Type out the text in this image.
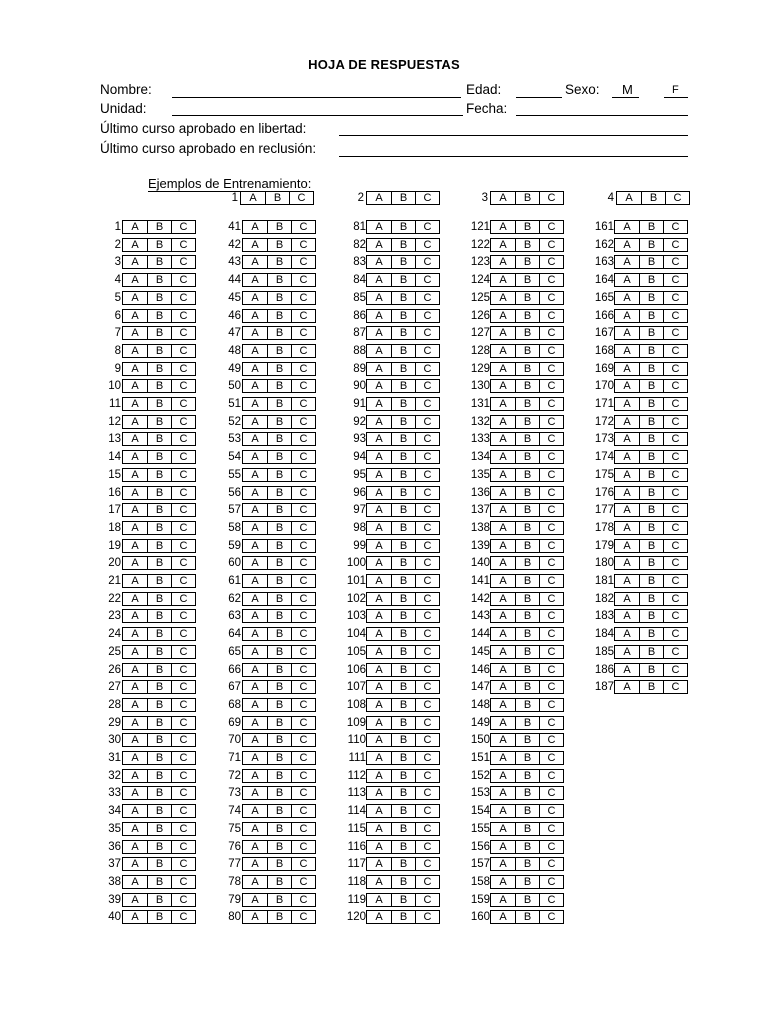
HOJA DE RESPUESTAS
Nombre:	Edad:	Sexo: M	F
Unidad:	Fecha:
Último curso aprobado en libertad:
Último curso aprobado en reclusión:
Ejemplos de Entrenamiento:
1	A	B	C	2	A	B	C	3	A	B	C	4	A	B	C
1 A	B	C
2 A	B	C
3 A	B	C
4 A	B	C
5 A	B	C
6 A	B	C
7 A	B	C
8 A	B	C
9 A	B	C
10 A	B	C
11 A	B	C
12 A	B	C
13 A	B	C
14 A	B	C
15 A	B	C
16 A	B	C
17 A	B	C
18 A	B	C
19 A	B	C
20 A	B	C
21 A	B	C
22 A	B	C
23 A	B	C
24 A	B	C
25 A	B	C
26 A	B	C
27 A	B	C
28 A	B	C
29 A	B	C
30 A	B	C
31 A	B	C
32 A	B	C
33 A	B	C
34 A	B	C
35 A	B	C
36 A	B	C
37 A	B	C
38 A	B	C
39 A	B	C
40 A	B	C
41 A	B	C
42 A	B	C
43 A	B	C
44 A	B	C
45 A	B	C
46 A	B	C
47 A	B	C
48 A	B	C
49 A	B	C
50 A	B	C
51 A	B	C
52 A	B	C
53 A	B	C
54 A	B	C
55 A	B	C
56 A	B	C
57 A	B	C
58 A	B	C
59 A	B	C
60 A	B	C
61 A	B	C
62 A	B	C
63 A	B	C
64 A	B	C
65 A	B	C
66 A	B	C
67 A	B	C
68 A	B	C
69 A	B	C
70 A	B	C
71 A	B	C
72 A	B	C
73 A	B	C
74 A	B	C
75 A	B	C
76 A	B	C
77 A	B	C
78 A	B	C
79 A	B	C
80 A	B	C
81 A	B	C
82 A	B	C
83 A	B	C
84 A	B	C
85 A	B	C
86 A	B	C
87 A	B	C
88 A	B	C
89 A	B	C
90 A	B	C
91 A	B	C
92 A	B	C
93 A	B	C
94 A	B	C
95 A	B	C
96 A	B	C
97 A	B	C
98 A	B	C
99 A	B	C
100 A	B	C
101 A	B	C
102 A	B	C
103 A	B	C
104 A	B	C
105 A	B	C
106 A	B	C
107 A	B	C
108 A	B	C
109 A	B	C
110 A	B	C
111 A	B	C
112 A	B	C
113 A	B	C
114 A	B	C
115 A	B	C
116 A	B	C
117 A	B	C
118 A	B	C
119 A	B	C
120 A	B	C
121 A	B	C
122 A	B	C
123 A	B	C
124 A	B	C
125 A	B	C
126 A	B	C
127 A	B	C
128 A	B	C
129 A	B	C
130 A	B	C
131 A	B	C
132 A	B	C
133 A	B	C
134 A	B	C
135 A	B	C
136 A	B	C
137 A	B	C
138 A	B	C
139 A	B	C
140 A	B	C
141 A	B	C
142 A	B	C
143 A	B	C
144 A	B	C
145 A	B	C
146 A	B	C
147 A	B	C
148 A	B	C
149 A	B	C
150 A	B	C
151 A	B	C
152 A	B	C
153 A	B	C
154 A	B	C
155 A	B	C
156 A	B	C
157 A	B	C
158 A	B	C
159 A	B	C
160 A	B	C
161 A	B	C
162 A	B	C
163 A	B	C
164 A	B	C
165 A	B	C
166 A	B	C
167 A	B	C
168 A	B	C
169 A	B	C
170 A	B	C
171 A	B	C
172 A	B	C
173 A	B	C
174 A	B	C
175 A	B	C
176 A	B	C
177 A	B	C
178 A	B	C
179 A	B	C
180 A	B	C
181 A	B	C
182 A	B	C
183 A	B	C
184 A	B	C
185 A	B	C
186 A	B	C
187 A	B	C
